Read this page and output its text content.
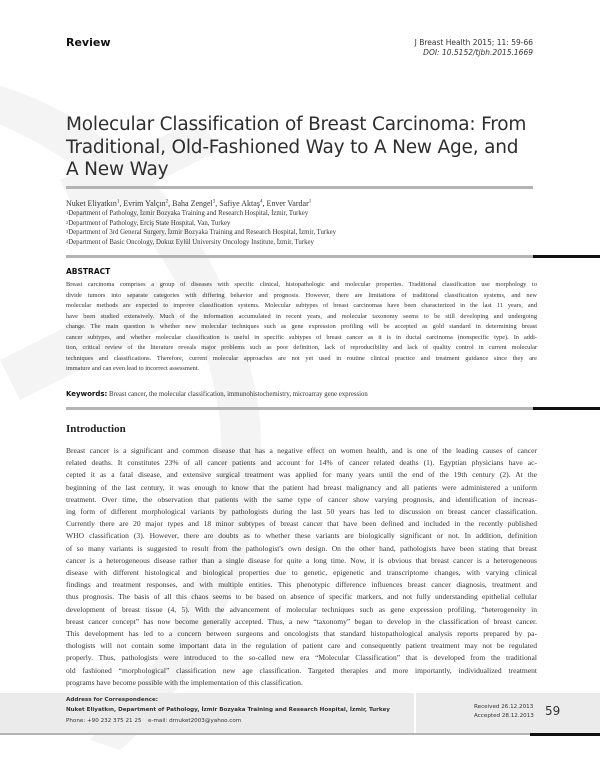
Review	J Breast Health 2015; 11: 59-66
DOI: 10.5152/tjbh.2015.1669
Molecular Classification of Breast Carcinoma: From
Traditional, Old-Fashioned Way to A New Age, and
A New Way
Nuket Eliyatkın$^1$, Evrim Yalçın$^2$, Baha Zengel$^3$, Safiye Aktaş$^4$, Enver Vardar$^1$
$^1$Department of Pathology, İzmir Bozyaka Training and Research Hospital, İzmir, Turkey
$^2$Department of Pathology, Erciş State Hospital, Van, Turkey
$^3$Department of 3rd General Surgery, İzmir Bozyaka Training and Research Hospital, İzmir, Turkey
$^4$Department of Basic Oncology, Dokuz Eylül University Oncology Institute, İzmir, Turkey
ABSTRACT
Breast carcinoma comprises a group of diseases with specific clinical, histopathologic and molecular properties. Traditional classification use morphology to
divide tumors into separate categories with differing behavior and prognosis. However, there are limitations of traditional classification systems, and new
molecular methods are expected to improve classification systems. Molecular subtypes of breast carcinomas have been characterized in the last 11 years, and
have been studied extensively. Much of the information accumulated in recent years, and molecular taxonomy seems to be still developing and undergoing
change. The main question is whether new molecular techniques such as gene expression profiling will be accepted as gold standard in determining breast
cancer subtypes, and whether molecular classification is useful in specific subtypes of breast cancer as it is in ductal carcinoma (nonspecific type). In addi-
tion, critical review of the literature reveals major problems such as poor definition, lack of reproducibility and lack of quality control in current molecular
techniques and classifications. Therefore, current molecular approaches are not yet used in routine clinical practice and treatment guidance since they are
immature and can even lead to incorrect assessment.
Keywords: Breast cancer, the molecular classification, immunohistochemistry, microarray gene expression
Introduction
Breast cancer is a significant and common disease that has a negative effect on women health, and is one of the leading causes of cancer
related deaths. It constitutes 23% of all cancer patients and account for 14% of cancer related deaths (1). Egyptian physicians have ac-
cepted it as a fatal disease, and extensive surgical treatment was applied for many years until the end of the 19th century (2). At the
beginning of the last century, it was enough to know that the patient had breast malignancy and all patients were administered a uniform
treatment. Over time, the observation that patients with the same type of cancer show varying prognosis, and identification of increas-
ing form of different morphological variants by pathologists during the last 50 years has led to discussion on breast cancer classification.
Currently there are 20 major types and 18 minor subtypes of breast cancer that have been defined and included in the recently published
WHO classification (3). However, there are doubts as to whether these variants are biologically significant or not. In addition, definition
of so many variants is suggested to result from the pathologist's own design. On the other hand, pathologists have been stating that breast
cancer is a heterogeneous disease rather than a single disease for quite a long time. Now, it is obvious that breast cancer is a heterogeneous
disease with different histological and biological properties due to genetic, epigenetic and transcriptome changes, with varying clinical
findings and treatment responses, and with multiple entities. This phenotypic difference influences breast cancer diagnosis, treatment and
thus prognosis. The basis of all this chaos seems to be based on absence of specific markers, and not fully understanding epithelial cellular
development of breast tissue (4, 5). With the advancement of molecular techniques such as gene expression profiling, “heterogeneity in
breast cancer concept” has now become generally accepted. Thus, a new “taxonomy” began to develop in the classification of breast cancer.
This development has led to a concern between surgeons and oncologists that standard histopathological analysis reports prepared by pa-
thologists will not contain some important data in the regulation of patient care and consequently patient treatment may not be regulated
properly. Thus, pathologists were introduced to the so-called new era “Molecular Classification” that is developed from the traditional
old fashioned “morphological” classification new age classification. Targeted therapies and more importantly, individualized treatment
programs have become possible with the implementation of this classification.
Address for Correspondence:
Nuket Eliyatkın, Department of Pathology, İzmir Bozyaka Training and Research Hospital, İzmir, Turkey
Phone: +90 232 375 21 25 e-mail: drnuket2003@yahoo.com
Received 26.12.2013
Accepted 28.12.2013 59
